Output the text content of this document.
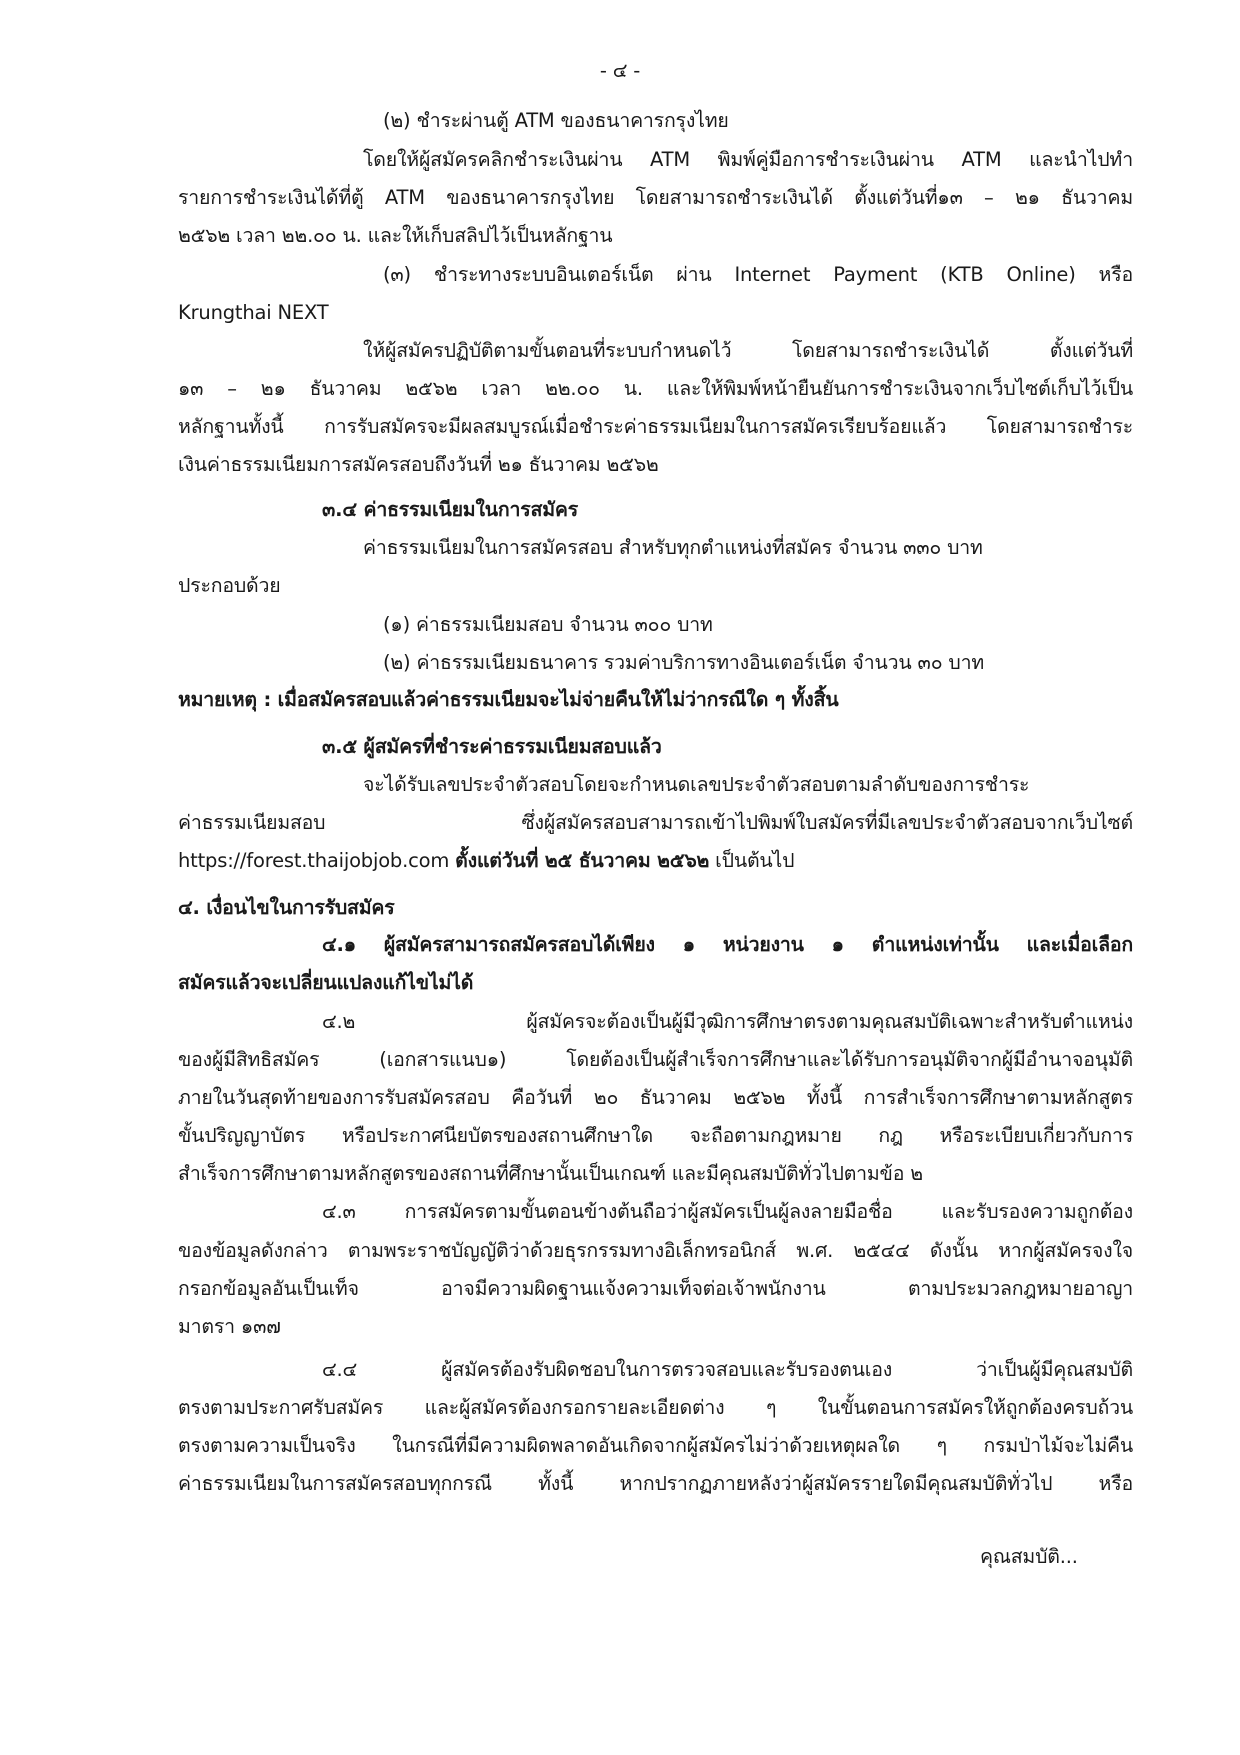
- ๔ -

(๒) ชำระผ่านตู้ ATM ของธนาคารกรุงไทย

โดยให้ผู้สมัครคลิกชำระเงินผ่าน ATM พิมพ์คู่มือการชำระเงินผ่าน ATM และนำไปทำ

รายการชำระเงินได้ที่ตู้ ATM ของธนาคารกรุงไทย โดยสามารถชำระเงินได้ ตั้งแต่วันที่๑๓ – ๒๑ ธันวาคม

๒๕๖๒ เวลา ๒๒.๐๐ น. และให้เก็บสลิปไว้เป็นหลักฐาน

(๓) ชำระทางระบบอินเตอร์เน็ต ผ่าน Internet Payment (KTB Online) หรือ

Krungthai NEXT

ให้ผู้สมัครปฏิบัติตามขั้นตอนที่ระบบกำหนดไว้ โดยสามารถชำระเงินได้ ตั้งแต่วันที่

๑๓ – ๒๑ ธันวาคม ๒๕๖๒ เวลา ๒๒.๐๐ น. และให้พิมพ์หน้ายืนยันการชำระเงินจากเว็บไซต์เก็บไว้เป็น

หลักฐานทั้งนี้ การรับสมัครจะมีผลสมบูรณ์เมื่อชำระค่าธรรมเนียมในการสมัครเรียบร้อยแล้ว โดยสามารถชำระ

เงินค่าธรรมเนียมการสมัครสอบถึงวันที่ ๒๑ ธันวาคม ๒๕๖๒

๓.๔ ค่าธรรมเนียมในการสมัคร

ค่าธรรมเนียมในการสมัครสอบ สำหรับทุกตำแหน่งที่สมัคร จำนวน ๓๓๐ บาท

ประกอบด้วย

(๑) ค่าธรรมเนียมสอบ จำนวน ๓๐๐ บาท

(๒) ค่าธรรมเนียมธนาคาร รวมค่าบริการทางอินเตอร์เน็ต จำนวน ๓๐ บาท

หมายเหตุ : เมื่อสมัครสอบแล้วค่าธรรมเนียมจะไม่จ่ายคืนให้ไม่ว่ากรณีใด ๆ ทั้งสิ้น

๓.๕ ผู้สมัครที่ชำระค่าธรรมเนียมสอบแล้ว

จะได้รับเลขประจำตัวสอบโดยจะกำหนดเลขประจำตัวสอบตามลำดับของการชำระ

ค่าธรรมเนียมสอบ ซึ่งผู้สมัครสอบสามารถเข้าไปพิมพ์ใบสมัครที่มีเลขประจำตัวสอบจากเว็บไซต์

https://forest.thaijobjob.com ตั้งแต่วันที่ ๒๕ ธันวาคม ๒๕๖๒ เป็นต้นไป

๔. เงื่อนไขในการรับสมัคร

๔.๑ ผู้สมัครสามารถสมัครสอบได้เพียง ๑ หน่วยงาน ๑ ตำแหน่งเท่านั้น และเมื่อเลือก

สมัครแล้วจะเปลี่ยนแปลงแก้ไขไม่ได้

๔.๒ ผู้สมัครจะต้องเป็นผู้มีวุฒิการศึกษาตรงตามคุณสมบัติเฉพาะสำหรับตำแหน่ง

ของผู้มีสิทธิสมัคร (เอกสารแนบ๑) โดยต้องเป็นผู้สำเร็จการศึกษาและได้รับการอนุมัติจากผู้มีอำนาจอนุมัติ

ภายในวันสุดท้ายของการรับสมัครสอบ คือวันที่ ๒๐ ธันวาคม ๒๕๖๒ ทั้งนี้ การสำเร็จการศึกษาตามหลักสูตร

ขั้นปริญญาบัตร หรือประกาศนียบัตรของสถานศึกษาใด จะถือตามกฎหมาย กฎ หรือระเบียบเกี่ยวกับการ

สำเร็จการศึกษาตามหลักสูตรของสถานที่ศึกษานั้นเป็นเกณฑ์ และมีคุณสมบัติทั่วไปตามข้อ ๒

๔.๓ การสมัครตามขั้นตอนข้างต้นถือว่าผู้สมัครเป็นผู้ลงลายมือชื่อ และรับรองความถูกต้อง

ของข้อมูลดังกล่าว ตามพระราชบัญญัติว่าด้วยธุรกรรมทางอิเล็กทรอนิกส์ พ.ศ. ๒๕๔๔ ดังนั้น หากผู้สมัครจงใจ

กรอกข้อมูลอันเป็นเท็จ อาจมีความผิดฐานแจ้งความเท็จต่อเจ้าพนักงาน ตามประมวลกฎหมายอาญา

มาตรา ๑๓๗

๔.๔ ผู้สมัครต้องรับผิดชอบในการตรวจสอบและรับรองตนเอง ว่าเป็นผู้มีคุณสมบัติ

ตรงตามประกาศรับสมัคร และผู้สมัครต้องกรอกรายละเอียดต่าง ๆ ในขั้นตอนการสมัครให้ถูกต้องครบถ้วน

ตรงตามความเป็นจริง ในกรณีที่มีความผิดพลาดอันเกิดจากผู้สมัครไม่ว่าด้วยเหตุผลใด ๆ กรมป่าไม้จะไม่คืน

ค่าธรรมเนียมในการสมัครสอบทุกกรณี ทั้งนี้ หากปรากฏภายหลังว่าผู้สมัครรายใดมีคุณสมบัติทั่วไป หรือ

คุณสมบัติ...
